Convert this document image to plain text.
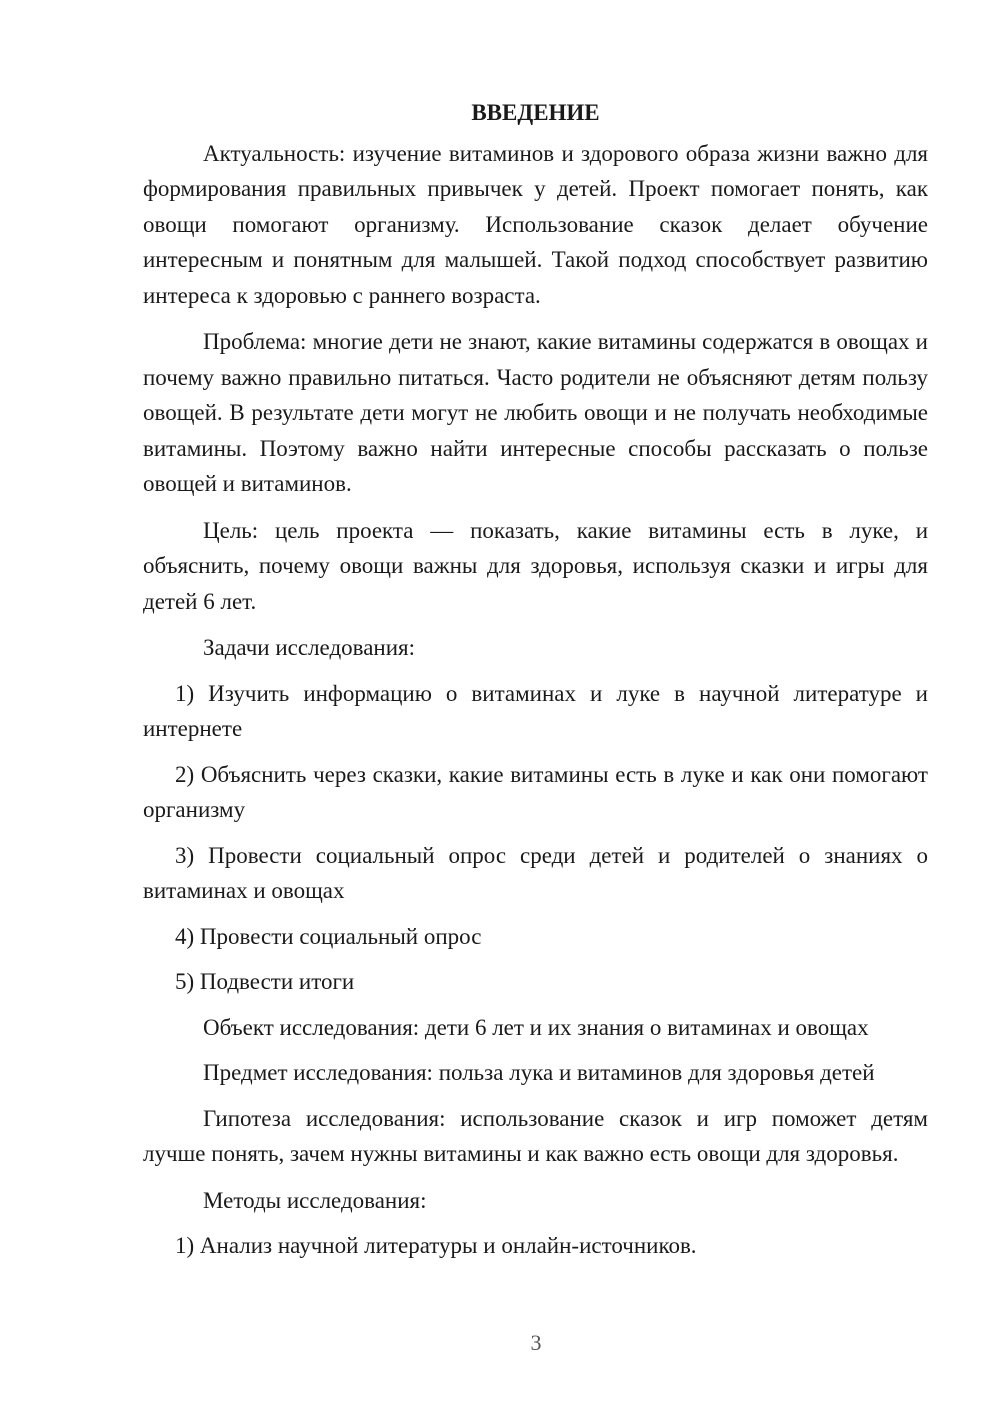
ВВЕДЕНИЕ

Актуальность: изучение витаминов и здорового образа жизни важно для формирования правильных привычек у детей. Проект помогает понять, как овощи помогают организму. Использование сказок делает обучение интересным и понятным для малышей. Такой подход способствует развитию интереса к здоровью с раннего возраста.

Проблема: многие дети не знают, какие витамины содержатся в овощах и почему важно правильно питаться. Часто родители не объясняют детям пользу овощей. В результате дети могут не любить овощи и не получать необходимые витамины. Поэтому важно найти интересные способы рассказать о пользе овощей и витаминов.

Цель: цель проекта — показать, какие витамины есть в луке, и объяснить, почему овощи важны для здоровья, используя сказки и игры для детей 6 лет.

Задачи исследования:

1) Изучить информацию о витаминах и луке в научной литературе и интернете

2) Объяснить через сказки, какие витамины есть в луке и как они помогают организму

3) Провести социальный опрос среди детей и родителей о знаниях о витаминах и овощах

4) Провести социальный опрос

5) Подвести итоги

Объект исследования: дети 6 лет и их знания о витаминах и овощах

Предмет исследования: польза лука и витаминов для здоровья детей

Гипотеза исследования: использование сказок и игр поможет детям лучше понять, зачем нужны витамины и как важно есть овощи для здоровья.

Методы исследования:

1) Анализ научной литературы и онлайн-источников.

3
